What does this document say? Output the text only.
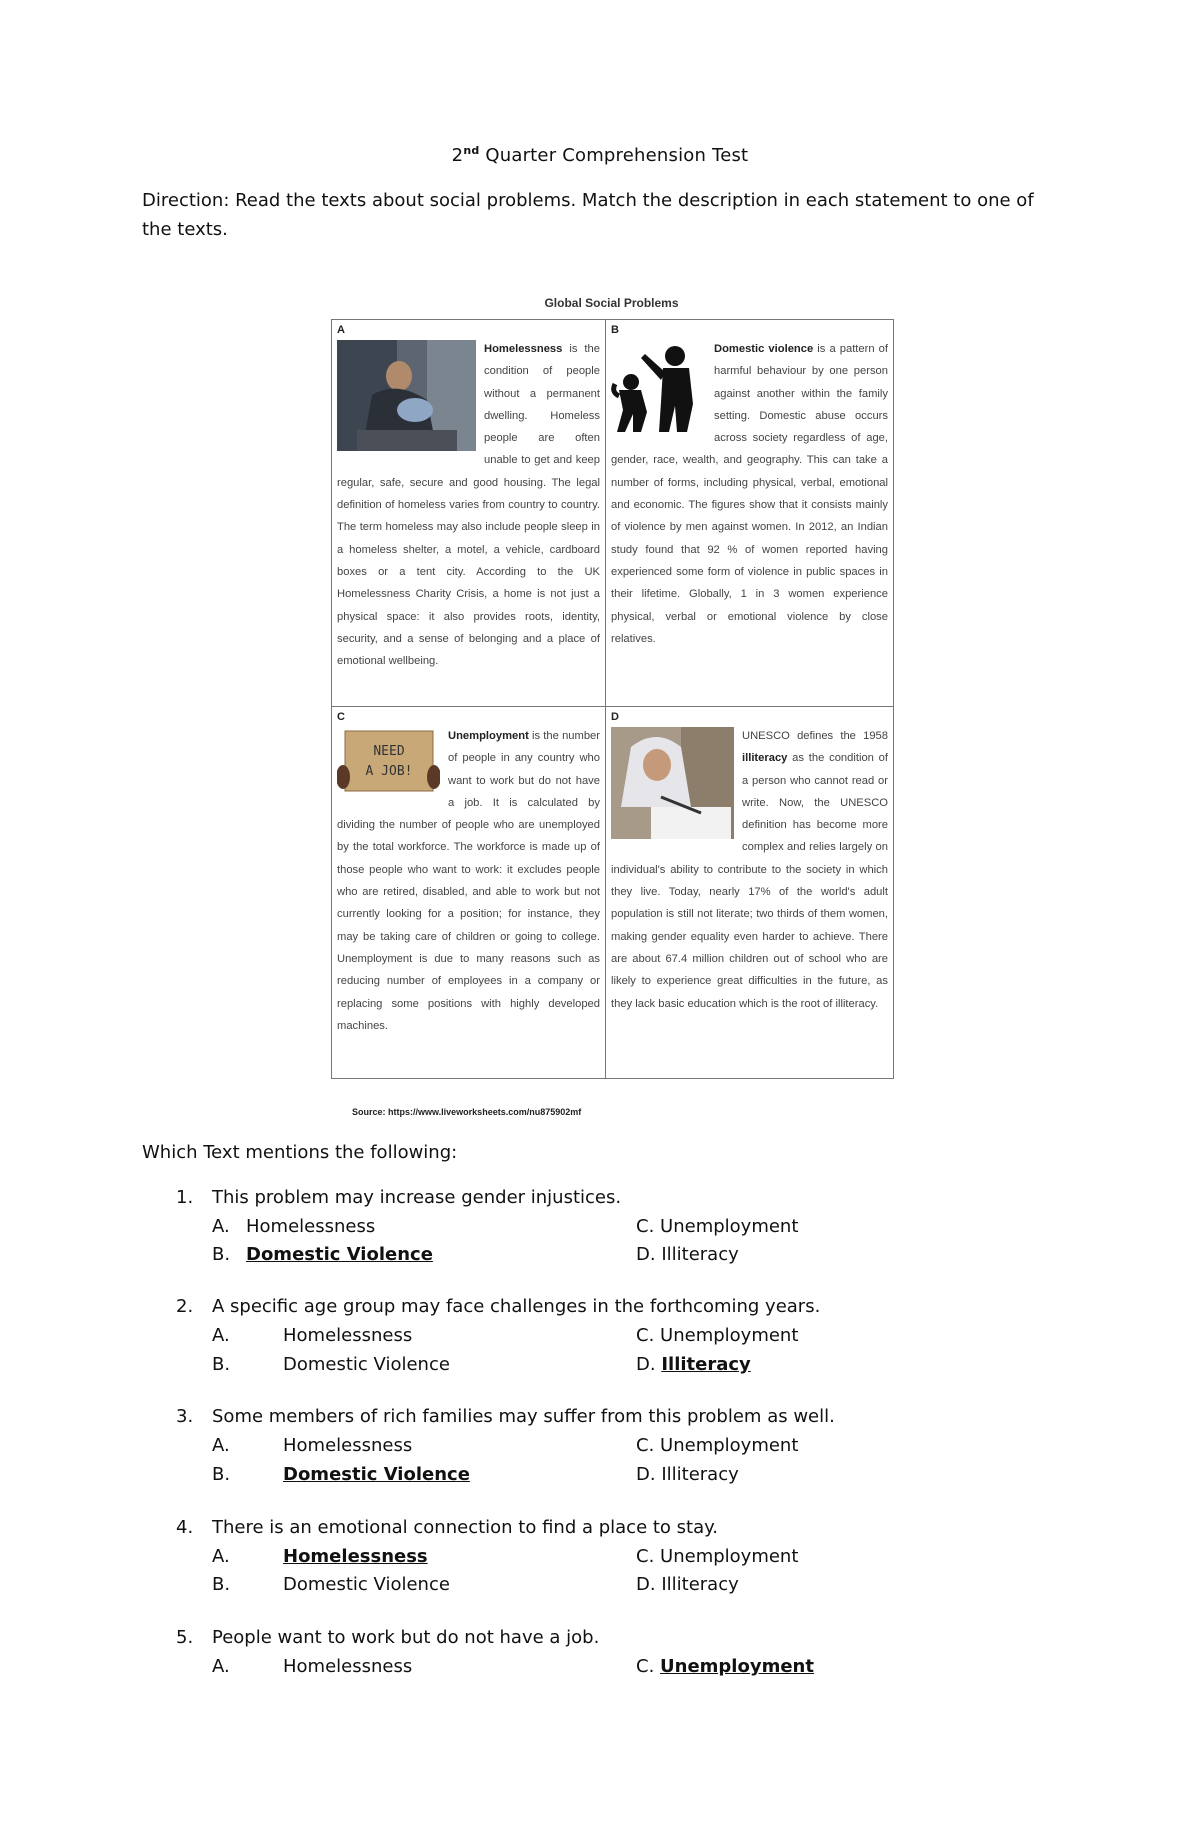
2nd Quarter Comprehension Test
Direction: Read the texts about social problems. Match the description in each statement to one of the texts.
Global Social Problems
A
Homelessness is the condition of people without a permanent dwelling. Homeless people are often unable to get and keep regular, safe, secure and good housing. The legal definition of homeless varies from country to country. The term homeless may also include people sleep in a homeless shelter, a motel, a vehicle, cardboard boxes or a tent city. According to the UK Homelessness Charity Crisis, a home is not just a physical space: it also provides roots, identity, security, and a sense of belonging and a place of emotional wellbeing.
B
Domestic violence is a pattern of harmful behaviour by one person against another within the family setting. Domestic abuse occurs across society regardless of age, gender, race, wealth, and geography. This can take a number of forms, including physical, verbal, emotional and economic. The figures show that it consists mainly of violence by men against women. In 2012, an Indian study found that 92 % of women reported having experienced some form of violence in public spaces in their lifetime. Globally, 1 in 3 women experience physical, verbal or emotional violence by close relatives.
C
NEED
A JOB!
Unemployment is the number of people in any country who want to work but do not have a job. It is calculated by dividing the number of people who are unemployed by the total workforce. The workforce is made up of those people who want to work: it excludes people who are retired, disabled, and able to work but not currently looking for a position; for instance, they may be taking care of children or going to college. Unemployment is due to many reasons such as reducing number of employees in a company or replacing some positions with highly developed machines.
D
UNESCO defines the 1958 illiteracy as the condition of a person who cannot read or write. Now, the UNESCO definition has become more complex and relies largely on individual's ability to contribute to the society in which they live. Today, nearly 17% of the world's adult population is still not literate; two thirds of them women, making gender equality even harder to achieve. There are about 67.4 million children out of school who are likely to experience great difficulties in the future, as they lack basic education which is the root of illiteracy.
Source: https://www.liveworksheets.com/nu875902mf
Which Text mentions the following:
1. This problem may increase gender injustices.
A. Homelessness	C. Unemployment
B. Domestic Violence	D. Illiteracy
2. A specific age group may face challenges in the forthcoming years.
A.	Homelessness	C. Unemployment
B.	Domestic Violence	D. Illiteracy
3. Some members of rich families may suffer from this problem as well.
A.	Homelessness	C. Unemployment
B.	Domestic Violence	D. Illiteracy
4. There is an emotional connection to find a place to stay.
A.	Homelessness	C. Unemployment
B.	Domestic Violence	D. Illiteracy
5. People want to work but do not have a job.
A.	Homelessness	C. Unemployment
